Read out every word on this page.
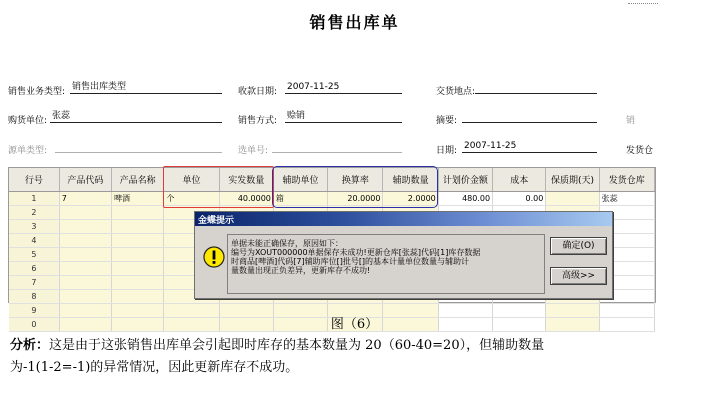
销售出库单
销售业务类型: 销售出库类型	收款日期: 2007-11-25	交货地点:
购货单位: 张蕊	销售方式: 赊销	摘要:	销
源单类型:	选单号:	日期: 2007-11-25	发货仓
行号	产品代码	产品名称	单位	实发数量	辅助单位	换算率	辅助数量	计划价金额	成本	保质期(天)	发货仓库
1	7	啤酒	个	40.0000	箱	20.0000	2.0000	480.00	0.00		张蕊
2											
3											
4											
5											
6											
7											
8											
9											
0											
金蝶提示
单据未能正确保存，原因如下：
编号为XOUT000000单据保存未成功!更新仓库[张蕊]代码[1]库存数据
时商品[啤酒]代码[7]辅助库位[]批号[]的基本计量单位数量与辅助计
量数量出现正负差异，更新库存不成功!
确定(O)
高级>>
图（6）
分析：这是由于这张销售出库单会引起即时库存的基本数量为 20（60-40=20），但辅助数量
为-1(1-2=-1)的异常情况，因此更新库存不成功。
